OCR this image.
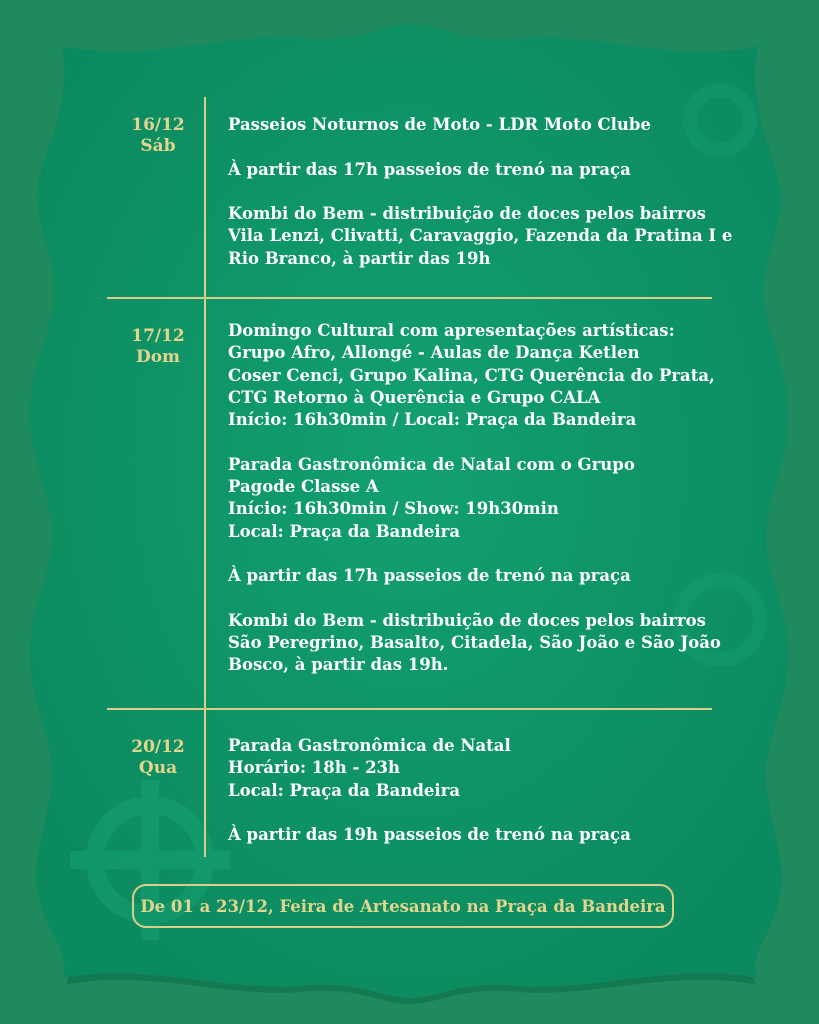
16/12
Sáb

Passeios Noturnos de Moto - LDR Moto Clube

À partir das 17h passeios de trenó na praça

Kombi do Bem - distribuição de doces pelos bairros
Vila Lenzi, Clivatti, Caravaggio, Fazenda da Pratina I e
Rio Branco, à partir das 19h

17/12
Dom

Domingo Cultural com apresentações artísticas:
Grupo Afro, Allongé - Aulas de Dança Ketlen
Coser Cenci, Grupo Kalina, CTG Querência do Prata,
CTG Retorno à Querência e Grupo CALA
Início: 16h30min / Local: Praça da Bandeira

Parada Gastronômica de Natal com o Grupo
Pagode Classe A
Início: 16h30min / Show: 19h30min
Local: Praça da Bandeira

À partir das 17h passeios de trenó na praça

Kombi do Bem - distribuição de doces pelos bairros
São Peregrino, Basalto, Citadela, São João e São João
Bosco, à partir das 19h.

20/12
Qua

Parada Gastronômica de Natal
Horário: 18h - 23h
Local: Praça da Bandeira

À partir das 19h passeios de trenó na praça

De 01 a 23/12, Feira de Artesanato na Praça da Bandeira
